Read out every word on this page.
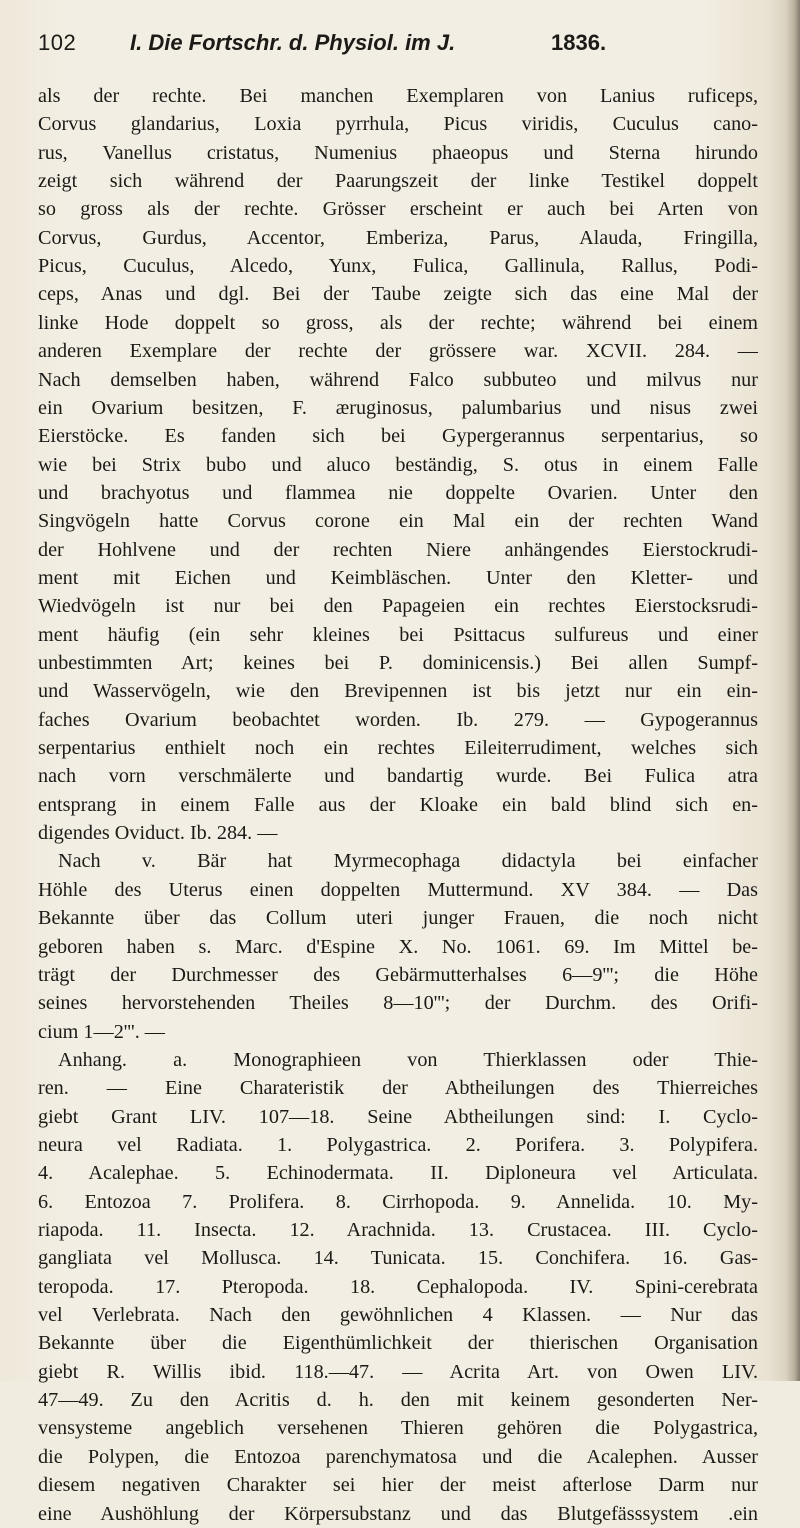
102 I. Die Fortschr. d. Physiol. im J.	1836.
als der rechte. Bei manchen Exemplaren von Lanius ruficeps,
Corvus glandarius, Loxia pyrrhula, Picus viridis, Cuculus cano-
rus, Vanellus cristatus, Numenius phaeopus und Sterna hirundo
zeigt sich während der Paarungszeit der linke Testikel doppelt
so gross als der rechte. Grösser erscheint er auch bei Arten von
Corvus, Gurdus, Accentor, Emberiza, Parus, Alauda, Fringilla,
Picus, Cuculus, Alcedo, Yunx, Fulica, Gallinula, Rallus, Podi-
ceps, Anas und dgl. Bei der Taube zeigte sich das eine Mal der
linke Hode doppelt so gross, als der rechte; während bei einem
anderen Exemplare der rechte der grössere war. XCVII. 284. —
Nach demselben haben, während Falco subbuteo und milvus nur
ein Ovarium besitzen, F. æruginosus, palumbarius und nisus zwei
Eierstöcke. Es fanden sich bei Gypergerannus serpentarius, so
wie bei Strix bubo und aluco beständig, S. otus in einem Falle
und brachyotus und flammea nie doppelte Ovarien. Unter den
Singvögeln hatte Corvus corone ein Mal ein der rechten Wand
der Hohlvene und der rechten Niere anhängendes Eierstockrudi-
ment mit Eichen und Keimbläschen. Unter den Kletter- und
Wiedvögeln ist nur bei den Papageien ein rechtes Eierstocksrudi-
ment häufig (ein sehr kleines bei Psittacus sulfureus und einer
unbestimmten Art; keines bei P. dominicensis.) Bei allen Sumpf-
und Wasservögeln, wie den Brevipennen ist bis jetzt nur ein ein-
faches Ovarium beobachtet worden. Ib. 279. — Gypogerannus
serpentarius enthielt noch ein rechtes Eileiterrudiment, welches sich
nach vorn verschmälerte und bandartig wurde. Bei Fulica atra
entsprang in einem Falle aus der Kloake ein bald blind sich en-
digendes Oviduct. Ib. 284. —
Nach v. Bär hat Myrmecophaga didactyla bei einfacher
Höhle des Uterus einen doppelten Muttermund. XV 384. — Das
Bekannte über das Collum uteri junger Frauen, die noch nicht
geboren haben s. Marc. d'Espine X. No. 1061. 69. Im Mittel be-
trägt der Durchmesser des Gebärmutterhalses 6—9'''; die Höhe
seines hervorstehenden Theiles 8—10'''; der Durchm. des Orifi-
cium 1—2'''. —
Anhang. a. Monographieen von Thierklassen oder Thie-
ren. — Eine Charateristik der Abtheilungen des Thierreiches
giebt Grant LIV. 107—18. Seine Abtheilungen sind: I. Cyclo-
neura vel Radiata. 1. Polygastrica. 2. Porifera. 3. Polypifera.
4. Acalephae. 5. Echinodermata. II. Diploneura vel Articulata.
6. Entozoa 7. Prolifera. 8. Cirrhopoda. 9. Annelida. 10. My-
riapoda. 11. Insecta. 12. Arachnida. 13. Crustacea. III. Cyclo-
gangliata vel Mollusca. 14. Tunicata. 15. Conchifera. 16. Gas-
teropoda. 17. Pteropoda. 18. Cephalopoda. IV. Spini-cerebrata
vel Verlebrata. Nach den gewöhnlichen 4 Klassen. — Nur das
Bekannte über die Eigenthümlichkeit der thierischen Organisation
giebt R. Willis ibid. 118.—47. — Acrita Art. von Owen LIV.
47—49. Zu den Acritis d. h. den mit keinem gesonderten Ner-
vensysteme angeblich versehenen Thieren gehören die Polygastrica,
die Polypen, die Entozoa parenchymatosa und die Acalephen. Ausser
diesem negativen Charakter sei hier der meist afterlose Darm nur
eine Aushöhlung der Körpersubstanz und das Blutgefässsystem .ein
